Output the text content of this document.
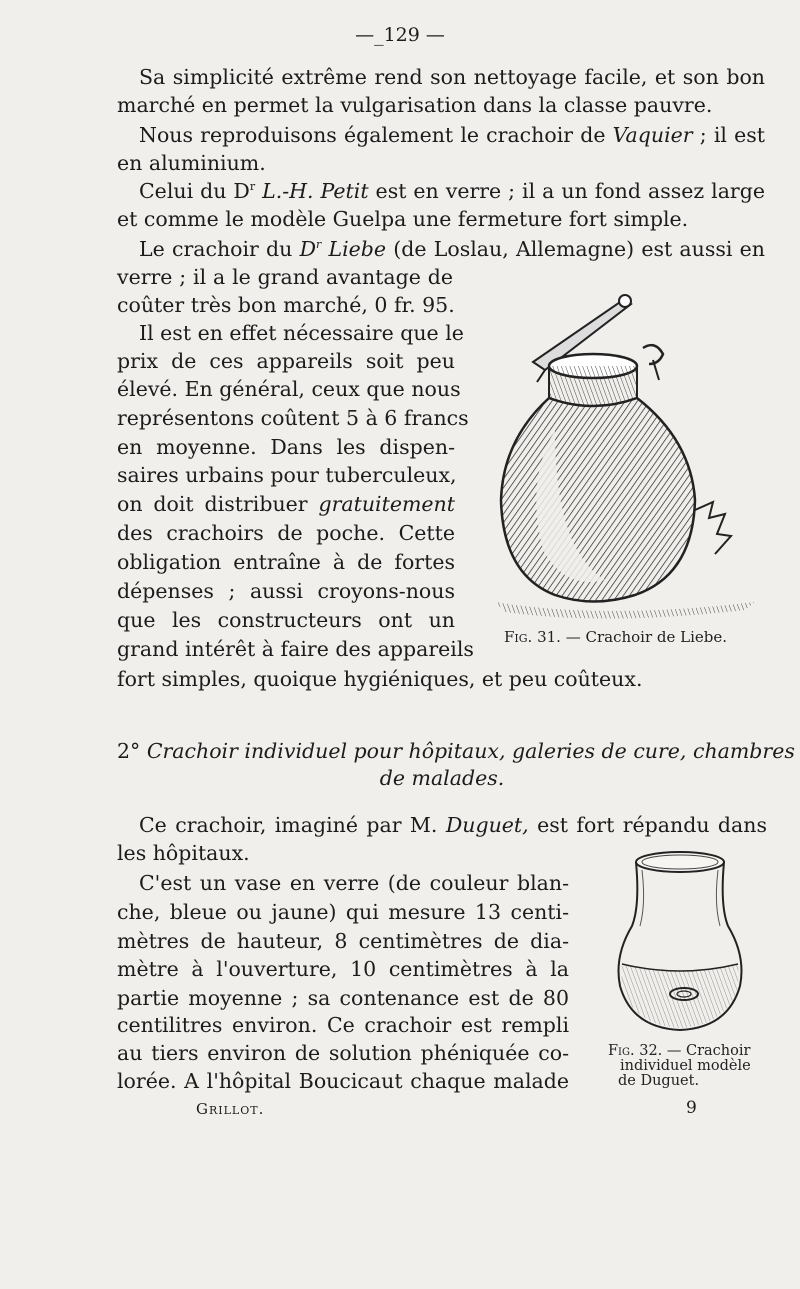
—_129 —
Sa simplicité extrême rend son nettoyage facile, et son bon
marché en permet la vulgarisation dans la classe pauvre.
Nous reproduisons également le crachoir de Vaquier ; il est
en aluminium.
Celui du $D^r$ L.-H. Petit est en verre ; il a un fond assez large
et comme le modèle Guelpa une fermeture fort simple.
Le crachoir du $D^r$ Liebe (de Loslau, Allemagne) est aussi en
verre ; il a le grand avantage de
coûter très bon marché, 0 fr. 95.
Il est en effet nécessaire que le
prix de ces appareils soit peu
élevé. En général, ceux que nous
représentons coûtent 5 à 6 francs
en moyenne. Dans les dispen-
saires urbains pour tuberculeux,
on doit distribuer gratuitement
des crachoirs de poche. Cette
obligation entraîne à de fortes
dépenses ; aussi croyons-nous
que les constructeurs ont un
grand intérêt à faire des appareils
fort simples, quoique hygiéniques, et peu coûteux.
Fig. 31. — Crachoir de Liebe.
2° Crachoir individuel pour hôpitaux, galeries de cure, chambres
de malades.
Ce crachoir, imaginé par M. Duguet, est fort répandu dans
les hôpitaux.
C'est un vase en verre (de couleur blan-
che, bleue ou jaune) qui mesure 13 centi-
mètres de hauteur, 8 centimètres de dia-
mètre à l'ouverture, 10 centimètres à la
partie moyenne ; sa contenance est de 80
centilitres environ. Ce crachoir est rempli
au tiers environ de solution phéniquée co-
lorée. A l'hôpital Boucicaut chaque malade
Fig. 32. — Crachoir
individuel modèle
de Duguet.
Grillot.	9
